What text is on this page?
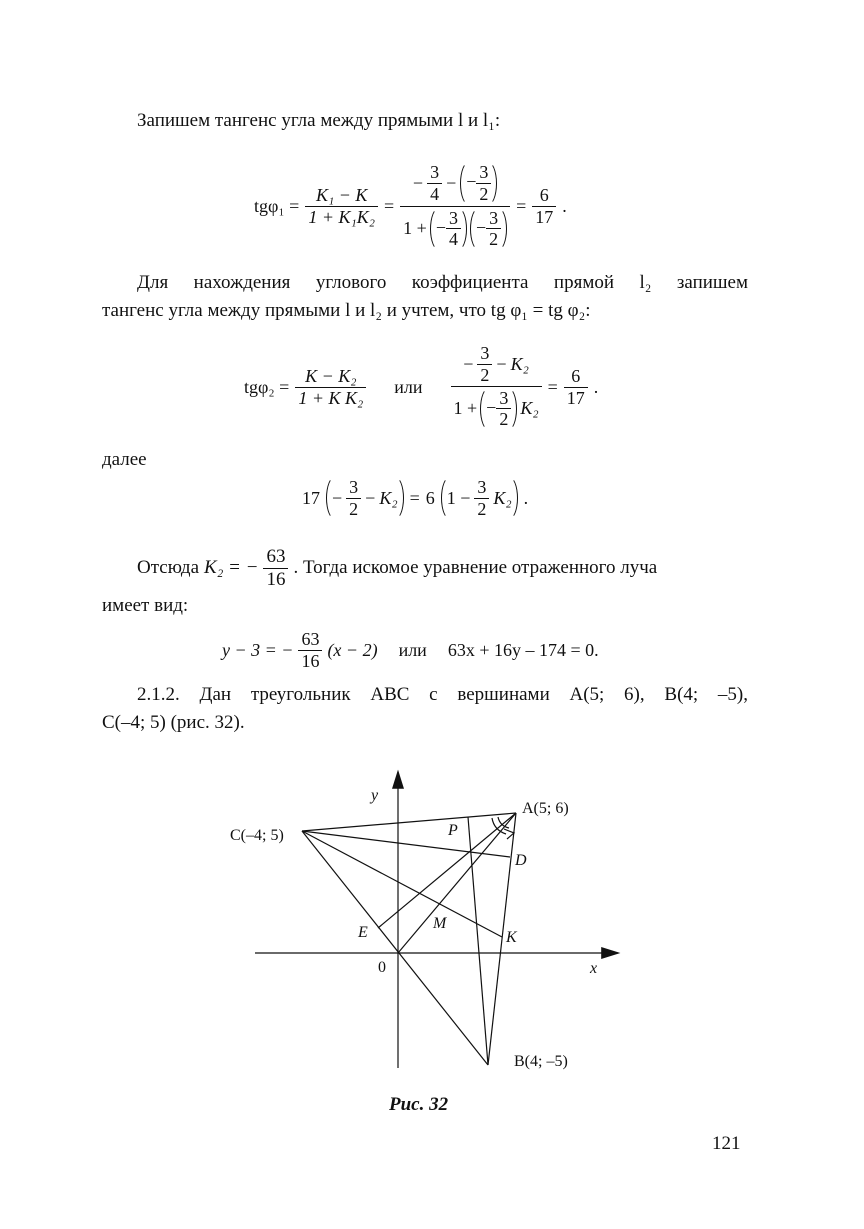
Запишем тангенс угла между прямыми l и l₁:
$tg\varphi_1 = \frac{\text{K₁ − K}}{\text{1 + K₁K₂}} = \frac{- \frac{3}{4} - - \frac{3}{2}}{1 + - \frac{3}{4} - \frac{3}{2}} = \frac{6}{17}$ .
Для нахождения углового коэффициента прямой l₂ запишем
тангенс угла между прямыми l и l₂ и учтем, что tg φ₁ = tg φ₂:
$tg\varphi_2 = \frac{\text{K − K₂}}{\text{1 + K K₂}}$ или $\frac{- \frac{3}{2} - K_2}{1 + - \frac{3}{2} K_2} = \frac{6}{17}$ .
далее
$17 - \frac{3}{2} - K_2 = 6$ $1 - \frac{3}{2} K_2$ .
Отсюда K₂ = − $\frac{63}{16}$ . Тогда искомое уравнение отраженного луча
имеет вид:
y − 3 = − $\frac{63}{16} (x - 2)$ или 63x + 16y – 174 = 0.
2.1.2. Дан треугольник ABC с вершинами A(5; 6), B(4; –5),
C(–4; 5) (рис. 32).
y
x
0
A(5; 6)
B(4; –5)
C(–4; 5)	P
D
E
M
K
Рис. 32
121
